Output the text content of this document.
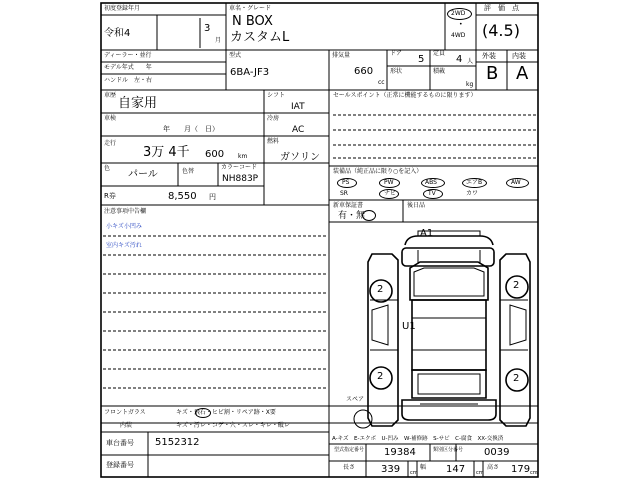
初度登録年月
令和4	3
月
車名・グレード
N BOX
カスタムL
2WD
•
4WD
評　価　点
(4.5)
ディーラー・並行
モデル年式　　年
ハンドル　左・右
型式
6BA-JF3
排気量
660
cc
ドア
5
定員
4 人
形状	積載
kg
外装 内装
B A
車歴
自家用
車検
年　　月（　日）
走行
3万 4千 600 km
色
パール	色替
カラーコード
NH883P
R券	8,550 円
シフト
IAT
冷房
AC
燃料
ガソリン
注意事項中告欄
小キズ小凹み
室内キズ汚れ
セールスポイント（正常に機能するものに限ります）
装備品（純正品に限り○を記入）
PS	PW	ABS	エアB	AW
SR	ナビ	TV	カワ
新車保証書	後日品
有・無
A1
2	2
U1
2	2
スペア
フロントガラス	キズ・飛石・ヒビ割・リペア跡・X要
内装	キズ・汚レ・コゲ・穴・スレ・キレ・破レ
車台番号 5152312
登録番号
A-キズ　E-エクボ　U-凹み　W-補修跡　S-サビ　C-腐食　XX-交換済
型式指定番号 19384	類別区分番号 0039
長さ	339 cm
幅 147 cm
高さ 179 cm
